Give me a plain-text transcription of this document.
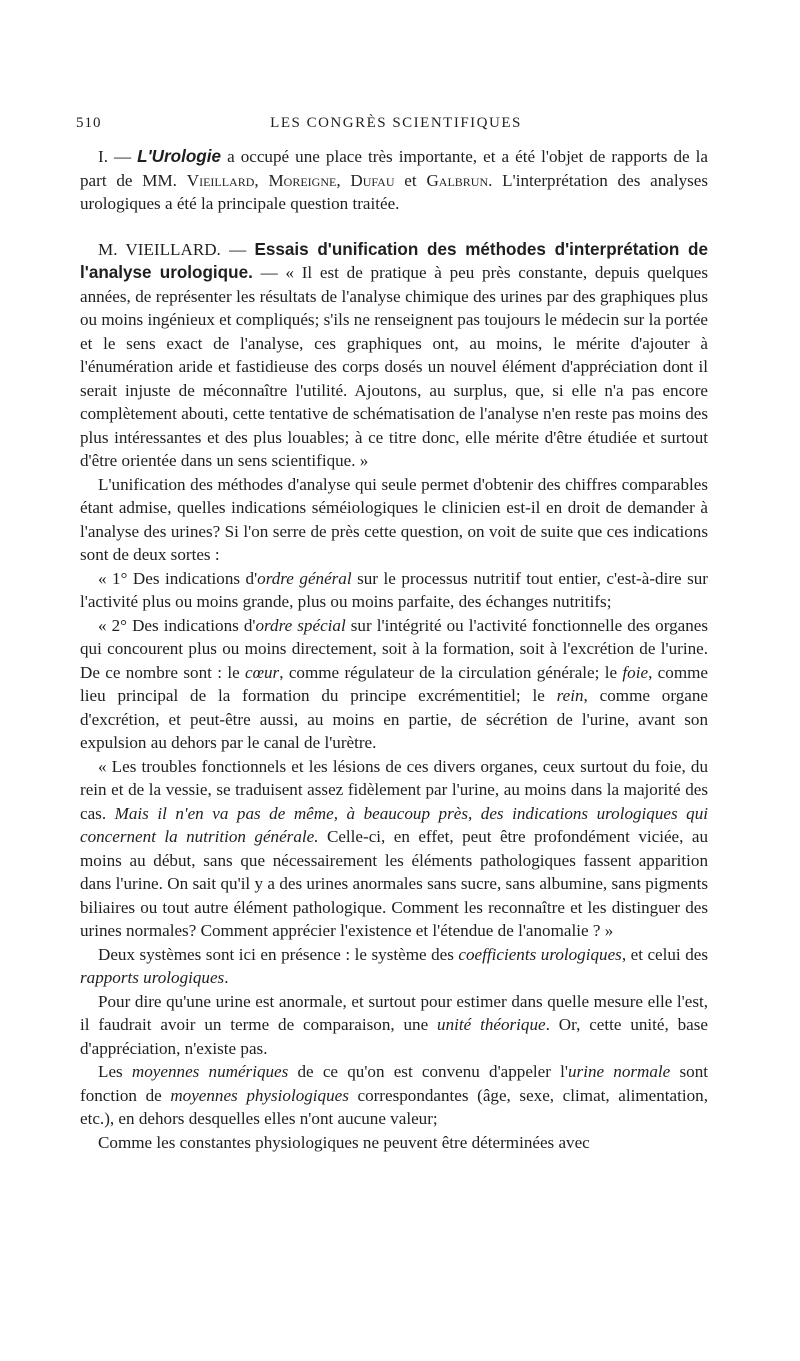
510	LES CONGRÈS SCIENTIFIQUES

I. — L'Urologie a occupé une place très importante, et a été l'objet de rapports de la part de MM. Vieillard, Moreigne, Dufau et Galbrun. L'interprétation des analyses urologiques a été la principale question traitée.

M. VIEILLARD. — Essais d'unification des méthodes d'interprétation de l'analyse urologique. — « Il est de pratique à peu près constante, depuis quelques années, de représenter les résultats de l'analyse chimique des urines par des graphiques plus ou moins ingénieux et compliqués; s'ils ne renseignent pas toujours le médecin sur la portée et le sens exact de l'analyse, ces graphiques ont, au moins, le mérite d'ajouter à l'énumération aride et fastidieuse des corps dosés un nouvel élément d'appréciation dont il serait injuste de méconnaître l'utilité. Ajoutons, au surplus, que, si elle n'a pas encore complètement abouti, cette tentative de schématisation de l'analyse n'en reste pas moins des plus intéressantes et des plus louables; à ce titre donc, elle mérite d'être étudiée et surtout d'être orientée dans un sens scientifique. »

L'unification des méthodes d'analyse qui seule permet d'obtenir des chiffres comparables étant admise, quelles indications séméiologiques le clinicien est-il en droit de demander à l'analyse des urines? Si l'on serre de près cette question, on voit de suite que ces indications sont de deux sortes :

« 1° Des indications d'ordre général sur le processus nutritif tout entier, c'est-à-dire sur l'activité plus ou moins grande, plus ou moins parfaite, des échanges nutritifs;

« 2° Des indications d'ordre spécial sur l'intégrité ou l'activité fonctionnelle des organes qui concourent plus ou moins directement, soit à la formation, soit à l'excrétion de l'urine. De ce nombre sont : le cœur, comme régulateur de la circulation générale; le foie, comme lieu principal de la formation du principe excrémentitiel; le rein, comme organe d'excrétion, et peut-être aussi, au moins en partie, de sécrétion de l'urine, avant son expulsion au dehors par le canal de l'urètre.

« Les troubles fonctionnels et les lésions de ces divers organes, ceux surtout du foie, du rein et de la vessie, se traduisent assez fidèlement par l'urine, au moins dans la majorité des cas. Mais il n'en va pas de même, à beaucoup près, des indications urologiques qui concernent la nutrition générale. Celle-ci, en effet, peut être profondément viciée, au moins au début, sans que nécessairement les éléments pathologiques fassent apparition dans l'urine. On sait qu'il y a des urines anormales sans sucre, sans albumine, sans pigments biliaires ou tout autre élément pathologique. Comment les reconnaître et les distinguer des urines normales? Comment apprécier l'existence et l'étendue de l'anomalie ? »

Deux systèmes sont ici en présence : le système des coefficients urologiques, et celui des rapports urologiques.

Pour dire qu'une urine est anormale, et surtout pour estimer dans quelle mesure elle l'est, il faudrait avoir un terme de comparaison, une unité théorique. Or, cette unité, base d'appréciation, n'existe pas.

Les moyennes numériques de ce qu'on est convenu d'appeler l'urine normale sont fonction de moyennes physiologiques correspondantes (âge, sexe, climat, alimentation, etc.), en dehors desquelles elles n'ont aucune valeur;

Comme les constantes physiologiques ne peuvent être déterminées avec
